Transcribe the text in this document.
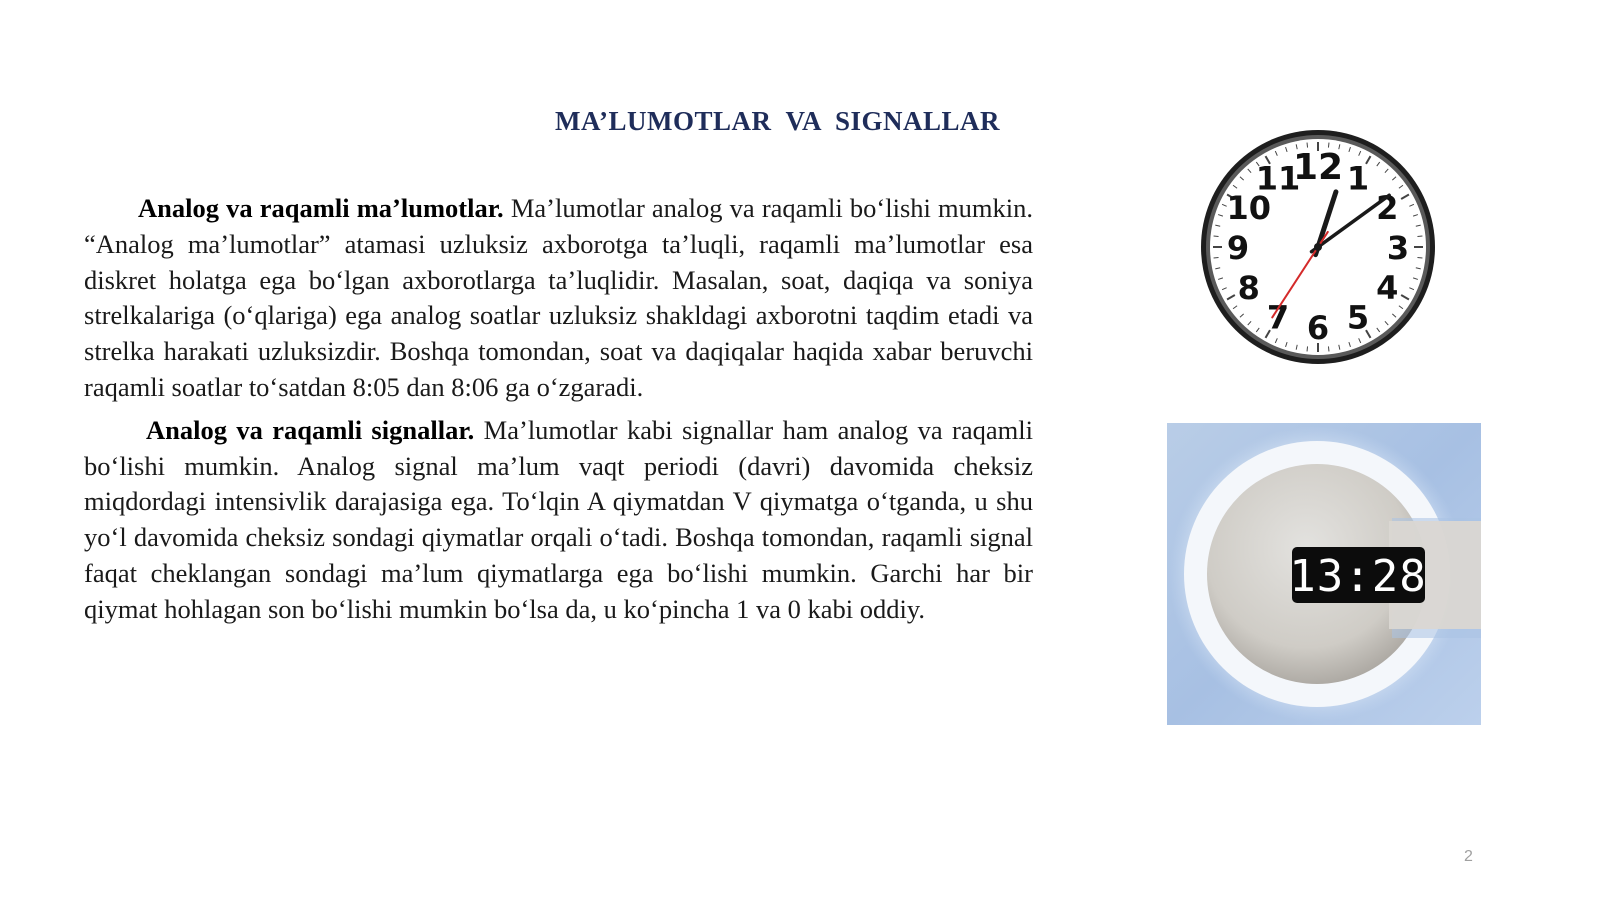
MA’LUMOTLAR  VA  SIGNALLAR

Analog va raqamli ma’lumotlar. Ma’lumotlar analog va raqamli bo‘lishi mumkin. “Analog ma’lumotlar” atamasi uzluksiz axborotga ta’luqli, raqamli ma’lumotlar esa diskret holatga ega bo‘lgan axborotlarga ta’luqlidir. Masalan, soat, daqiqa va soniya strelkalariga (o‘qlariga) ega analog soatlar uzluksiz shakldagi axborotni taqdim etadi va strelka harakati uzluksizdir. Boshqa tomondan, soat va daqiqalar haqida xabar beruvchi raqamli soatlar to‘satdan 8:05 dan 8:06 ga o‘zgaradi.

Analog va raqamli signallar. Ma’lumotlar kabi signallar ham analog va raqamli bo‘lishi mumkin. Analog signal ma’lum vaqt periodi (davri) davomida cheksiz miqdordagi intensivlik darajasiga ega. To‘lqin A qiymatdan V qiymatga o‘tganda, u shu yo‘l davomida cheksiz sondagi qiymatlar orqali o‘tadi. Boshqa tomondan, raqamli signal faqat cheklangan sondagi ma’lum qiymatlarga ega bo‘lishi mumkin. Garchi har bir qiymat hohlagan son bo‘lishi mumkin bo‘lsa da, u ko‘pincha 1 va 0 kabi oddiy.

12 1
2
3
4
5
6
7
8
9
10
11
13:28
2
